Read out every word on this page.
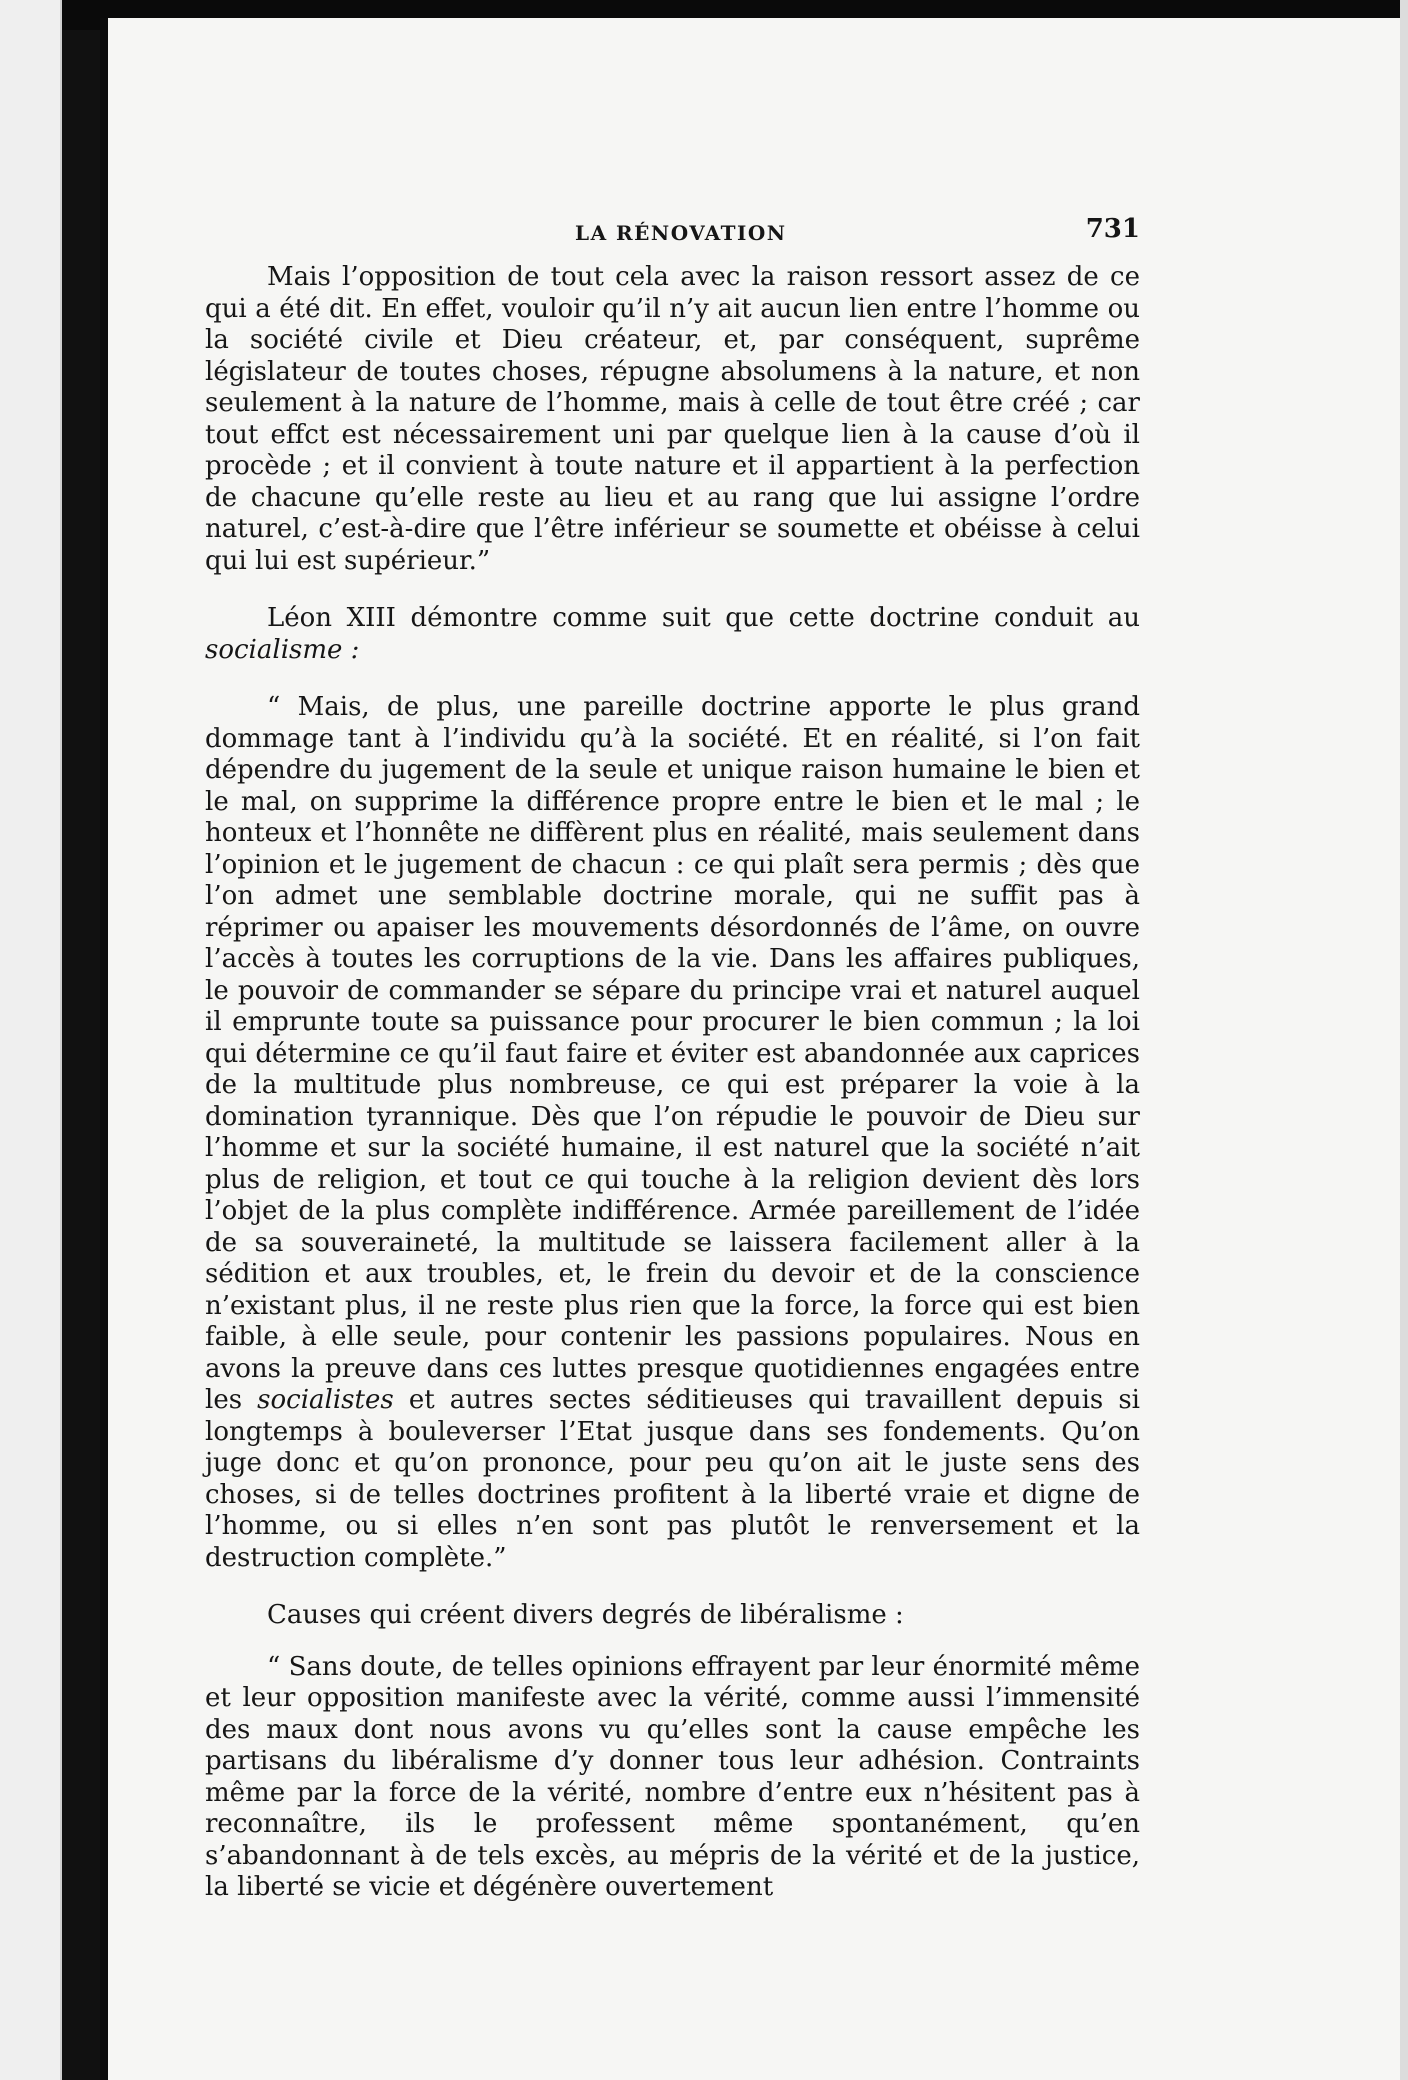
LA RÉNOVATION	731

Mais l’opposition de tout cela avec la raison ressort assez de ce qui a été dit. En effet, vouloir qu’il n’y ait aucun lien entre l’homme ou la société civile et Dieu créateur, et, par conséquent, suprême législateur de toutes choses, répugne absolumens à la nature, et non seulement à la nature de l’homme, mais à celle de tout être créé ; car tout effct est nécessairement uni par quelque lien à la cause d’où il procède ; et il convient à toute nature et il appartient à la perfection de chacune qu’elle reste au lieu et au rang que lui assigne l’ordre naturel, c’est-à-dire que l’être inférieur se soumette et obéisse à celui qui lui est supérieur.”

Léon XIII démontre comme suit que cette doctrine conduit au socialisme :

“ Mais, de plus, une pareille doctrine apporte le plus grand dommage tant à l’individu qu’à la société. Et en réalité, si l’on fait dépendre du jugement de la seule et unique raison humaine le bien et le mal, on supprime la différence propre entre le bien et le mal ; le honteux et l’honnête ne diffèrent plus en réalité, mais seulement dans l’opinion et le jugement de chacun : ce qui plaît sera permis ; dès que l’on admet une semblable doctrine morale, qui ne suffit pas à réprimer ou apaiser les mouvements désordonnés de l’âme, on ouvre l’accès à toutes les corruptions de la vie. Dans les affaires publiques, le pouvoir de commander se sépare du principe vrai et naturel auquel il emprunte toute sa puissance pour procurer le bien commun ; la loi qui détermine ce qu’il faut faire et éviter est abandonnée aux caprices de la multitude plus nombreuse, ce qui est préparer la voie à la domination tyrannique. Dès que l’on répudie le pouvoir de Dieu sur l’homme et sur la société humaine, il est naturel que la société n’ait plus de religion, et tout ce qui touche à la religion devient dès lors l’objet de la plus complète indifférence. Armée pareillement de l’idée de sa souveraineté, la multitude se laissera facilement aller à la sédition et aux troubles, et, le frein du devoir et de la conscience n’existant plus, il ne reste plus rien que la force, la force qui est bien faible, à elle seule, pour contenir les passions populaires. Nous en avons la preuve dans ces luttes presque quotidiennes engagées entre les socialistes et autres sectes séditieuses qui travaillent depuis si longtemps à bouleverser l’Etat jusque dans ses fondements. Qu’on juge donc et qu’on prononce, pour peu qu’on ait le juste sens des choses, si de telles doctrines profitent à la liberté vraie et digne de l’homme, ou si elles n’en sont pas plutôt le renversement et la destruction complète.”

Causes qui créent divers degrés de libéralisme :

“ Sans doute, de telles opinions effrayent par leur énormité même et leur opposition manifeste avec la vérité, comme aussi l’immensité des maux dont nous avons vu qu’elles sont la cause empêche les partisans du libéralisme d’y donner tous leur adhésion. Contraints même par la force de la vérité, nombre d’entre eux n’hésitent pas à reconnaître, ils le professent même spontanément, qu’en s’abandonnant à de tels excès, au mépris de la vérité et de la justice, la liberté se vicie et dégénère ouvertement
